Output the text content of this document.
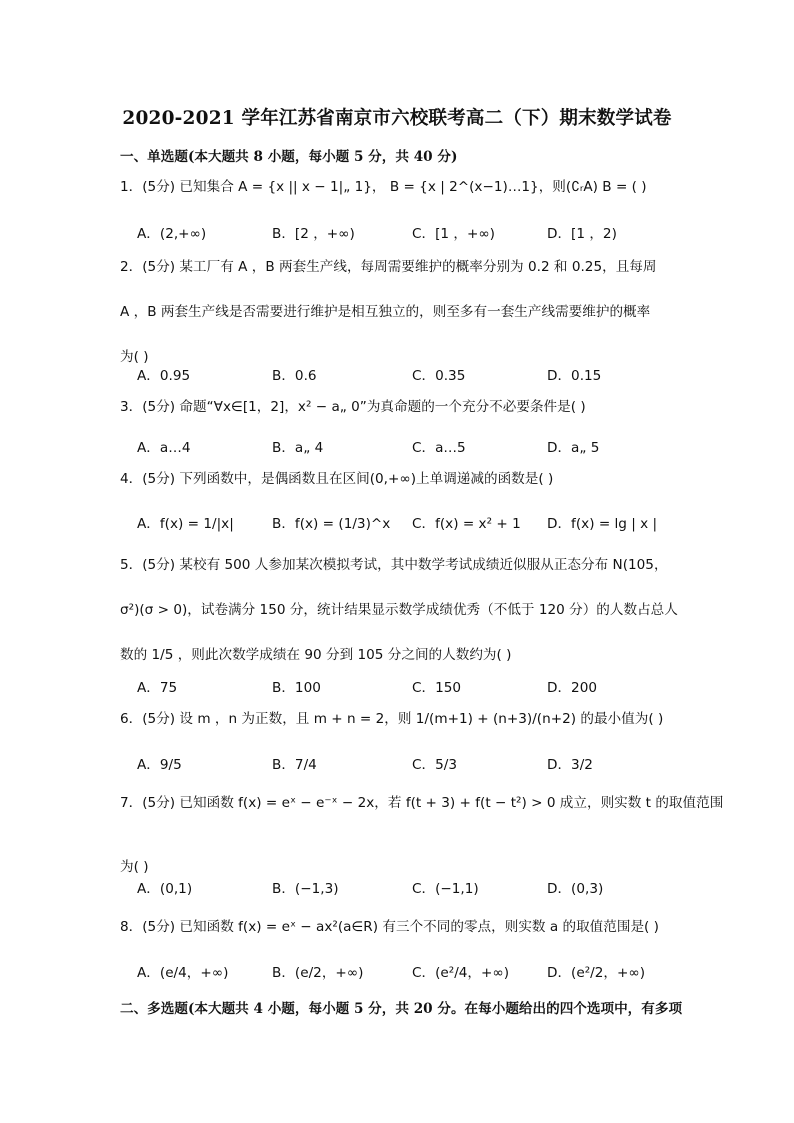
2020-2021 学年江苏省南京市六校联考高二（下）期末数学试卷
一、单选题(本大题共 8 小题，每小题 5 分，共 40 分)
1．(5分) 已知集合 A = {x || x − 1|„ 1}， B = {x | 2^(x−1)…1}，则(∁ᵣA) B = ( )
A．(2,+∞)	B．[2 ，+∞)	C．[1 ，+∞)	D．[1 ，2)
2．(5分) 某工厂有 A ，B 两套生产线，每周需要维护的概率分别为 0.2 和 0.25，且每周
A ，B 两套生产线是否需要进行维护是相互独立的，则至多有一套生产线需要维护的概率
为( )
A．0.95	B．0.6	C．0.35	D．0.15
3．(5分) 命题“∀x∈[1，2]，x² − a„ 0”为真命题的一个充分不必要条件是( )
A．a…4	B．a„ 4	C．a…5	D．a„ 5
4．(5分) 下列函数中，是偶函数且在区间(0,+∞)上单调递减的函数是( )
A．f(x) = 1/|x|	B．f(x) = (1/3)^x C．f(x) = x² + 1 D．f(x) = lg | x |
5．(5分) 某校有 500 人参加某次模拟考试，其中数学考试成绩近似服从正态分布 N(105，
σ²)(σ > 0)，试卷满分 150 分，统计结果显示数学成绩优秀（不低于 120 分）的人数占总人
数的 1/5 ，则此次数学成绩在 90 分到 105 分之间的人数约为( )
A．75	B．100	C．150	D．200
6．(5分) 设 m ，n 为正数，且 m + n = 2，则 1/(m+1) + (n+3)/(n+2) 的最小值为( )
A．9/5	B．7/4	C．5/3	D．3/2
7．(5分) 已知函数 f(x) = eˣ − e⁻ˣ − 2x，若 f(t + 3) + f(t − t²) > 0 成立，则实数 t 的取值范围
为( )
A．(0,1)	B．(−1,3)	C．(−1,1)	D．(0,3)
8．(5分) 已知函数 f(x) = eˣ − ax²(a∈R) 有三个不同的零点，则实数 a 的取值范围是( )
A．(e/4，+∞)	B．(e/2，+∞)	C．(e²/4，+∞)	D．(e²/2，+∞)
二、多选题(本大题共 4 小题，每小题 5 分，共 20 分。在每小题给出的四个选项中，有多项
